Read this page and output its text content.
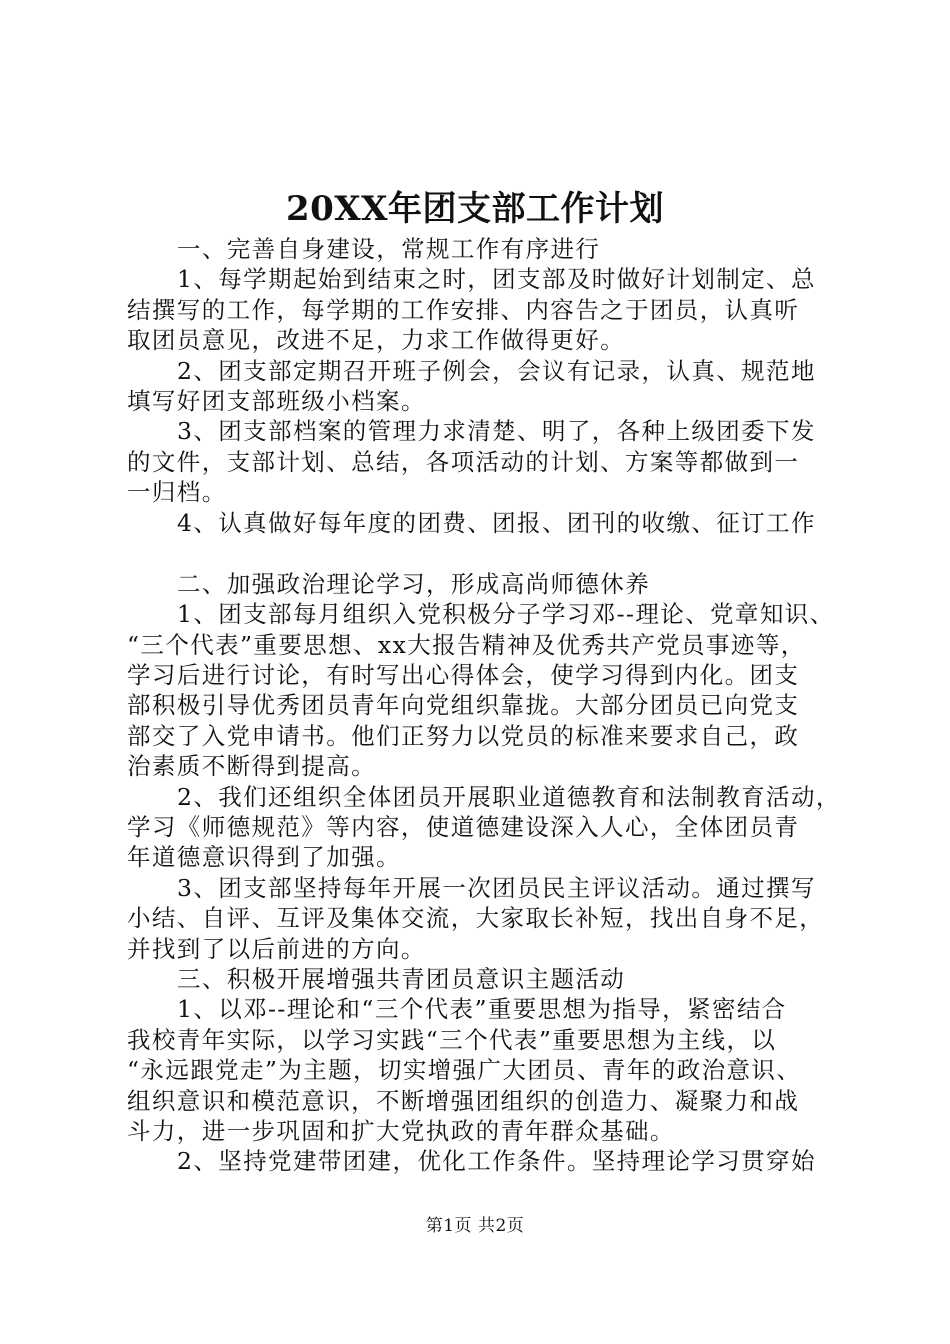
20XX年团支部工作计划
一、完善自身建设，常规工作有序进行
1、每学期起始到结束之时，团支部及时做好计划制定、总
结撰写的工作，每学期的工作安排、内容告之于团员，认真听
取团员意见，改进不足，力求工作做得更好。
2、团支部定期召开班子例会，会议有记录，认真、规范地
填写好团支部班级小档案。
3、团支部档案的管理力求清楚、明了，各种上级团委下发
的文件，支部计划、总结，各项活动的计划、方案等都做到一
一归档。
4、认真做好每年度的团费、团报、团刊的收缴、征订工作
二、加强政治理论学习，形成高尚师德休养
1、团支部每月组织入党积极分子学习邓--理论、党章知识、
“三个代表”重要思想、xx大报告精神及优秀共产党员事迹等，
学习后进行讨论，有时写出心得体会，使学习得到内化。团支
部积极引导优秀团员青年向党组织靠拢。大部分团员已向党支
部交了入党申请书。他们正努力以党员的标准来要求自己，政
治素质不断得到提高。
2、我们还组织全体团员开展职业道德教育和法制教育活动，
学习《师德规范》等内容，使道德建设深入人心，全体团员青
年道德意识得到了加强。
3、团支部坚持每年开展一次团员民主评议活动。通过撰写
小结、自评、互评及集体交流，大家取长补短，找出自身不足，
并找到了以后前进的方向。
三、积极开展增强共青团员意识主题活动
1、以邓--理论和“三个代表”重要思想为指导，紧密结合
我校青年实际，以学习实践“三个代表”重要思想为主线，以
“永远跟党走”为主题，切实增强广大团员、青年的政治意识、
组织意识和模范意识，不断增强团组织的创造力、凝聚力和战
斗力，进一步巩固和扩大党执政的青年群众基础。
2、坚持党建带团建，优化工作条件。坚持理论学习贯穿始
第1页 共2页
